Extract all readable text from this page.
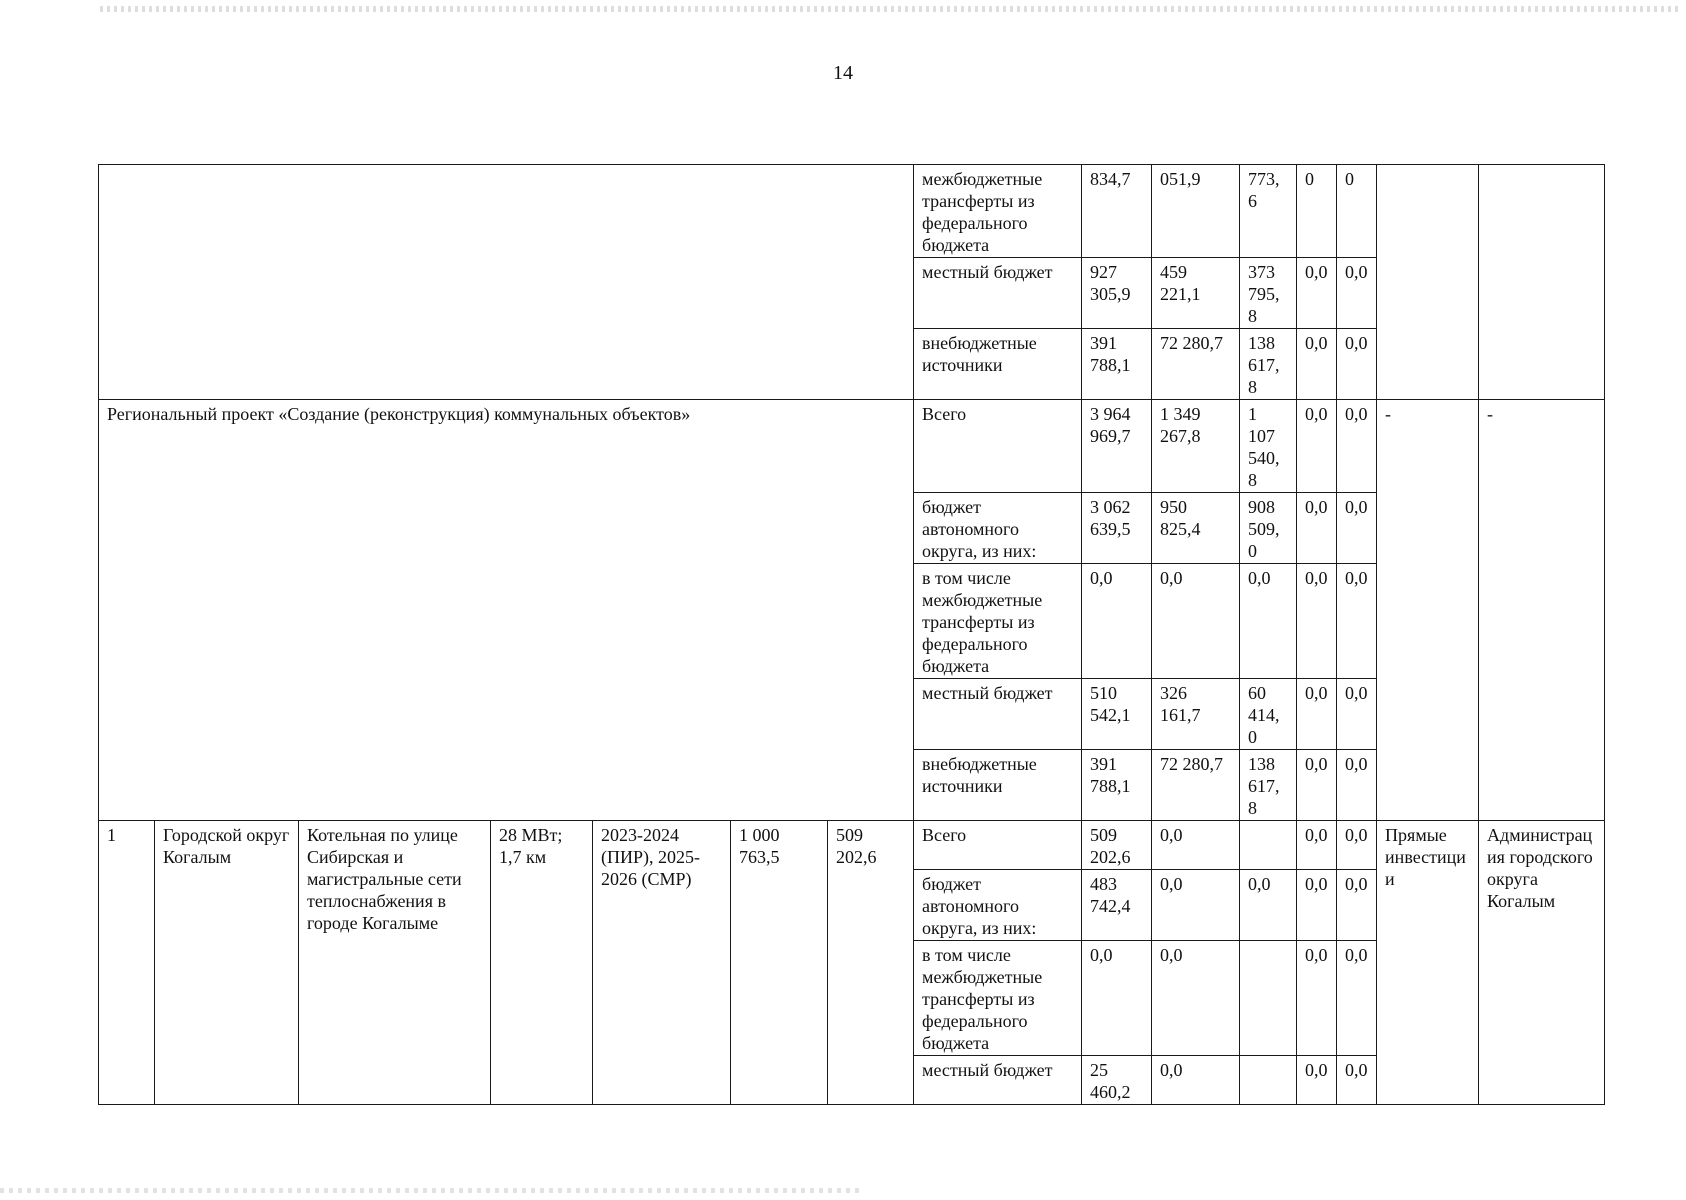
14
							межбюджетные трансферты из федерального бюджета	834,7	051,9	773,6	0	0		
							местный бюджет	927 305,9	459 221,1	373 795,8	0,0	0,0		
							внебюджетные источники	391 788,1	72 280,7	138 617,8	0,0	0,0		
Региональный проект «Создание (реконструкция) коммунальных объектов»							Всего	3 964 969,7	1 349 267,8	1 107 540,8	0,0	0,0	-	-
							бюджет автономного округа, из них:	3 062 639,5	950 825,4	908 509,0	0,0	0,0		
							в том числе межбюджетные трансферты из федерального бюджета	0,0	0,0	0,0	0,0	0,0		
							местный бюджет	510 542,1	326 161,7	60 414,0	0,0	0,0		
							внебюджетные источники	391 788,1	72 280,7	138 617,8	0,0	0,0		
1	Городской округ Когалым	Котельная по улице Сибирская и магистральные сети теплоснабжения в городе Когалыме	28 МВт; 1,7 км	2023-2024 (ПИР), 2025-2026 (СМР)	1 000 763,5	509 202,6	Всего	509 202,6	0,0		0,0	0,0	Прямые инвестиции	Администрация городского округа Когалым
							бюджет автономного округа, из них:	483 742,4	0,0	0,0	0,0	0,0		
							в том числе межбюджетные трансферты из федерального бюджета	0,0	0,0		0,0	0,0		
							местный бюджет	25 460,2	0,0		0,0	0,0		
